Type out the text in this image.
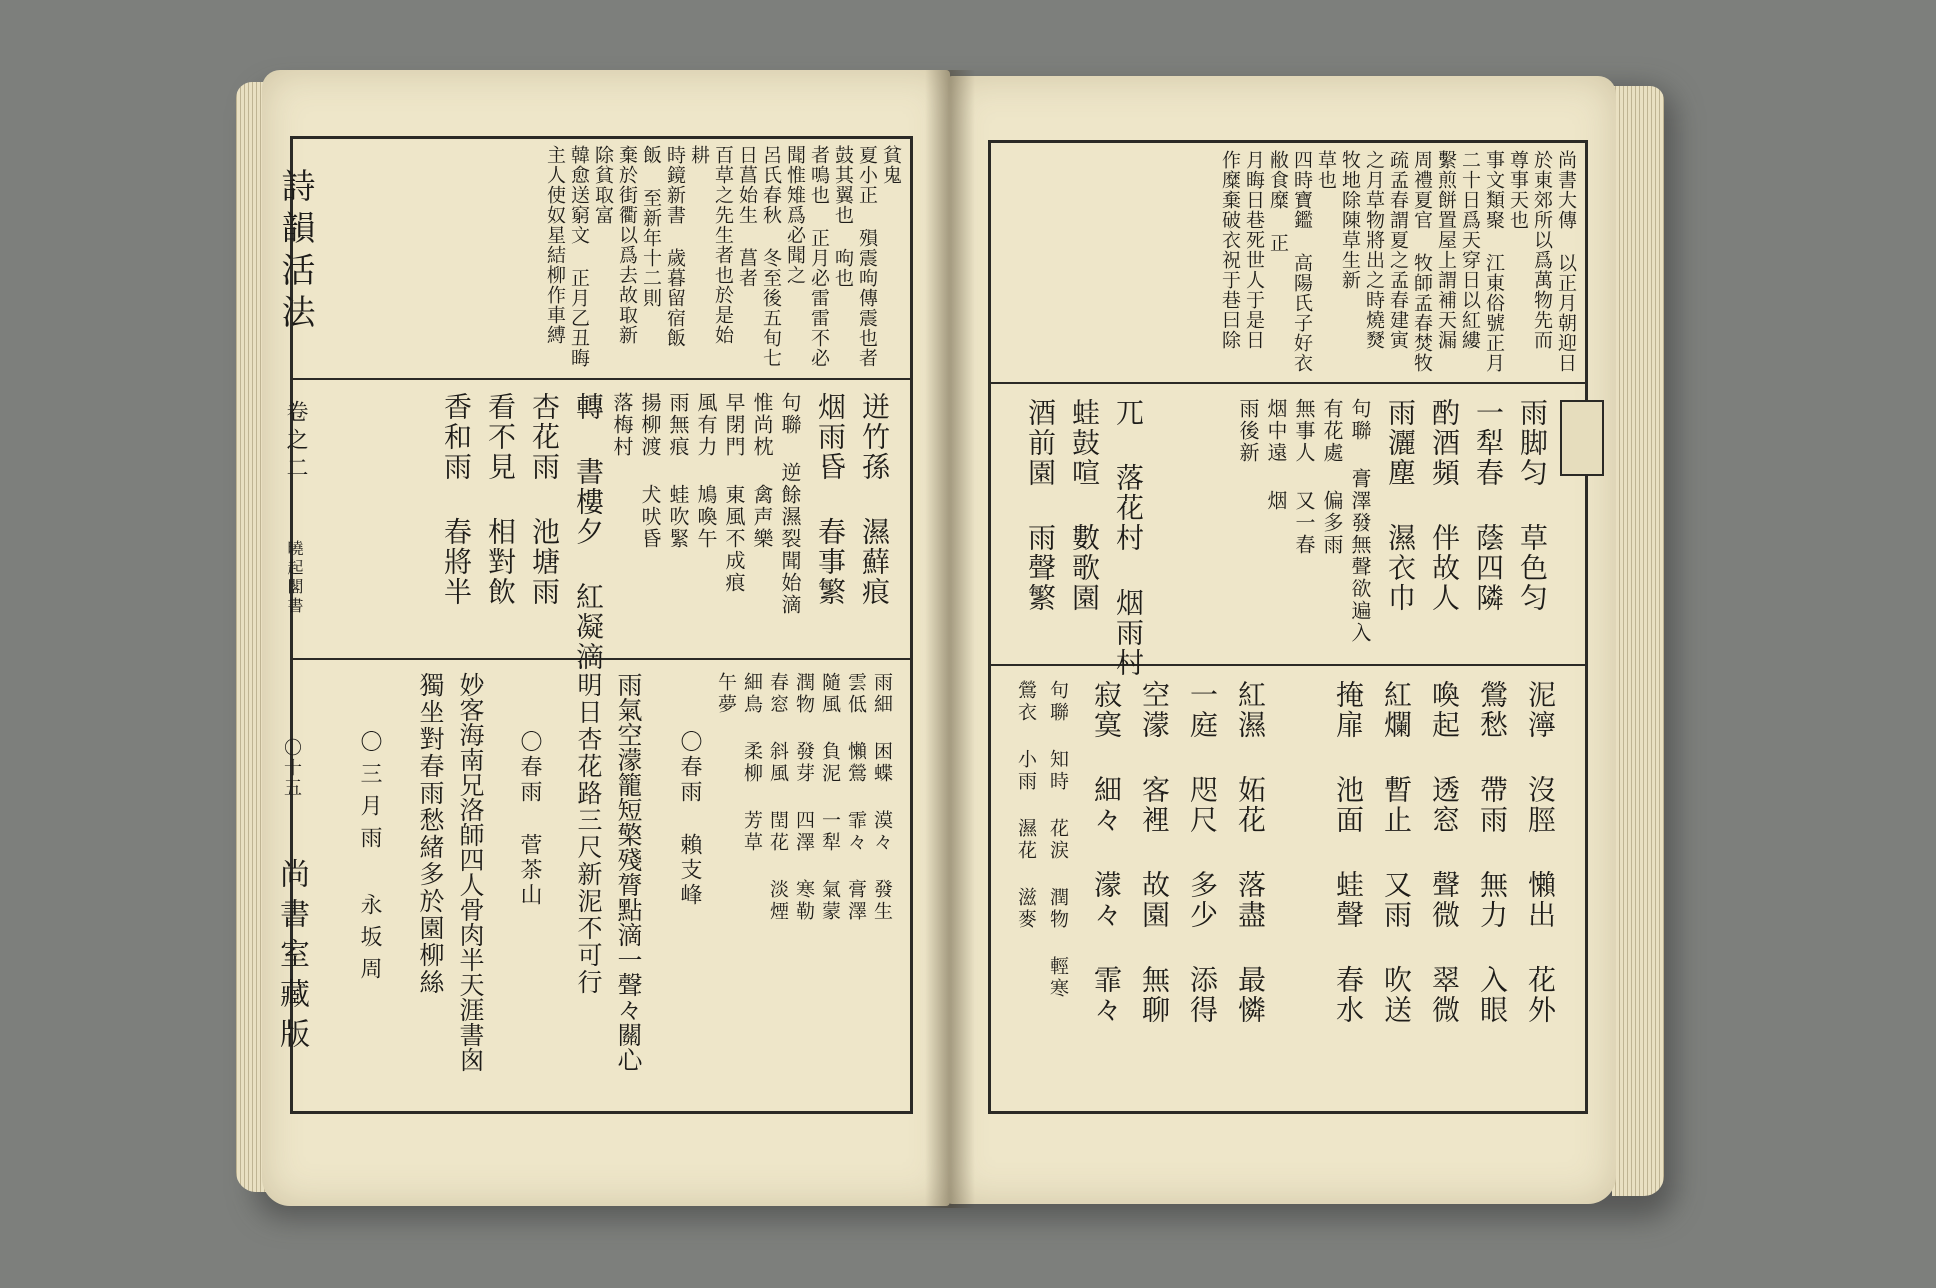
詩韻活法
卷之二
曉起閣書
〇十五
尚書室藏版
貧鬼
夏小正 殞震呴傳震也者
鼓其翼也 呴也
者鳴也 正月必雷雷不必
聞惟雉爲必聞之
呂氏春秋 冬至後五旬七
日菖始生 菖者
百草之先生者也於是始
耕
時鏡新書 歲暮留宿飯
飯 至新年十二則
棄於街衢以爲去故取新
除貧取富
韓愈送窮文 正月乙丑晦
主人使奴星結柳作車縛
迸竹孫 濕蘚痕
烟雨昏 春事繁
句聯 逆餘濕裂聞始滴
惟尚枕 禽声樂
早閉門 東風不成痕
風有力 鳩喚午
雨無痕 蛙吹緊
揚柳渡 犬吠昏
落梅村
轉 書樓夕 紅凝滴
杏花雨 池塘雨
看不見 相對飲
香和雨 春將半
雨細 困蝶 漠々 發生
雲低 懶鶯 霏々 膏澤
隨風 負泥 一犁 氣蒙
潤物 發芽 四澤 寒勒
春窓 斜風 閏花 淡煙
細鳥 柔柳 芳草
午夢
〇春雨 賴支峰
雨氣空濛籠短檠殘膂點滴一聲々關心
明日杏花路三尺新泥不可行
〇春雨 菅茶山
妙客海南兄洛師四人骨肉半天涯書囪
獨坐對春雨愁緒多於園柳絲
〇三月雨 永坂周
尚書大傳 以正月朝迎日
於東郊所以爲萬物先而
尊事天也
事文類聚 江東俗號正月
二十日爲天穿日以紅縷
繫煎餅置屋上謂補天漏
周禮夏官 牧師孟春焚牧
疏孟春謂夏之孟春建寅
之月草物將出之時燒燹
牧地除陳草生新
草也
四時寶鑑 高陽氏子好衣
敝食糜 正
月晦日巷死世人于是日
作糜棄破衣祝于巷曰除
雨脚匀 草色匀
一犁春 蔭四隣
酌酒頻 伴故人
雨灑塵 濕衣巾
句聯 膏澤發無聲欲遍入
有花處 偏多雨
無事人 又一春
烟中遠 烟
雨後新
兀 落花村 烟雨村
蛙鼓喧 數歌園
酒前園 雨聲繁
泥濘 沒脛 懶出 花外
鶯愁 帶雨 無力 入眼
喚起 透窓 聲微 翠微
紅爛 暫止 又雨 吹送
掩扉 池面 蛙聲 春水
紅濕 妬花 落盡 最憐
一庭 咫尺 多少 添得
空濛 客裡 故園 無聊
寂寞 細々 濛々 霏々
句聯 知時 花涙 潤物 輕寒
鶯衣 小雨 濕花 滋麥
